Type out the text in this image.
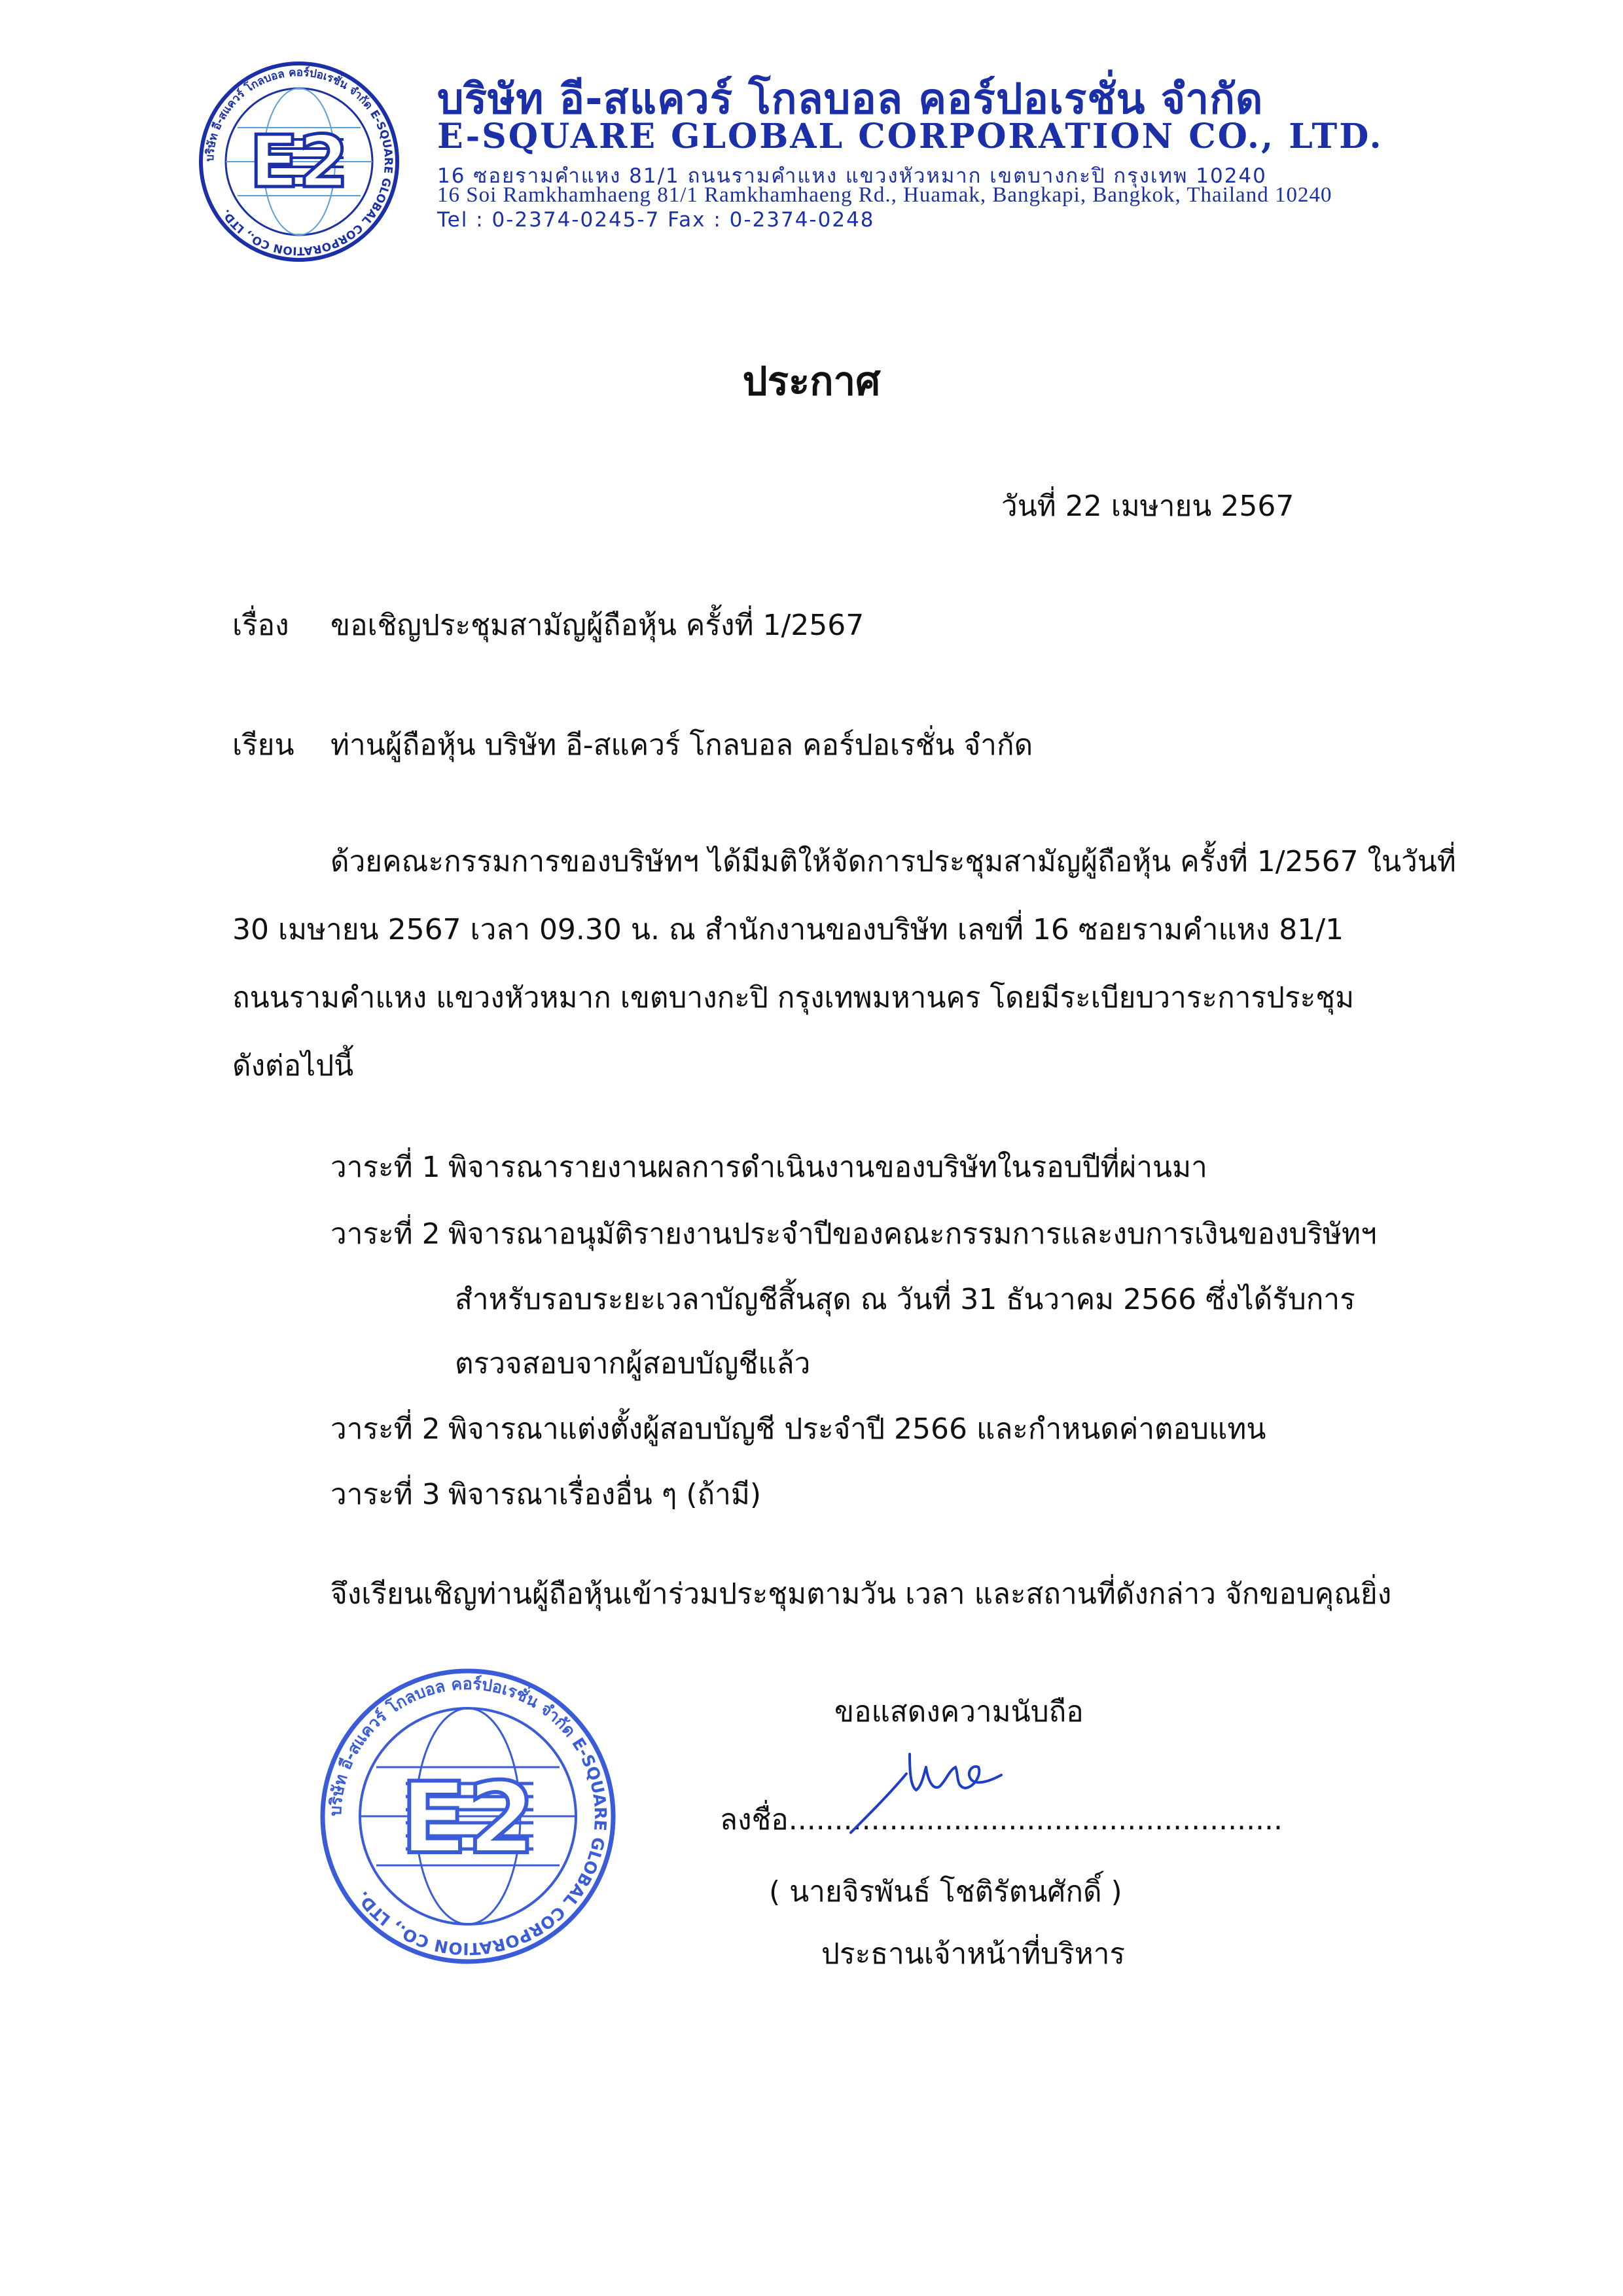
E2
บริษัท อี-สแควร์ โกลบอล คอร์ปอเรชั่น จำกัด E-SQUARE GLOBAL CORPORATION CO., LTD.
บริษัท อี-สแควร์ โกลบอล คอร์ปอเรชั่น จำกัด
E-SQUARE GLOBAL CORPORATION CO., LTD.
16 ซอยรามคำแหง 81/1 ถนนรามคำแหง แขวงหัวหมาก เขตบางกะปิ กรุงเทพ 10240
16 Soi Ramkhamhaeng 81/1 Ramkhamhaeng Rd., Huamak, Bangkapi, Bangkok, Thailand 10240
Tel : 0-2374-0245-7 Fax : 0-2374-0248
ประกาศ
วันที่ 22 เมษายน 2567
เรื่อง ขอเชิญประชุมสามัญผู้ถือหุ้น ครั้งที่ 1/2567
เรียน ท่านผู้ถือหุ้น บริษัท อี-สแควร์ โกลบอล คอร์ปอเรชั่น จำกัด
ด้วยคณะกรรมการของบริษัทฯ ได้มีมติให้จัดการประชุมสามัญผู้ถือหุ้น ครั้งที่ 1/2567 ในวันที่
30 เมษายน 2567 เวลา 09.30 น. ณ สำนักงานของบริษัท เลขที่ 16 ซอยรามคำแหง 81/1
ถนนรามคำแหง แขวงหัวหมาก เขตบางกะปิ กรุงเทพมหานคร โดยมีระเบียบวาระการประชุม
ดังต่อไปนี้
วาระที่ 1 พิจารณารายงานผลการดำเนินงานของบริษัทในรอบปีที่ผ่านมา
วาระที่ 2 พิจารณาอนุมัติรายงานประจำปีของคณะกรรมการและงบการเงินของบริษัทฯ
สำหรับรอบระยะเวลาบัญชีสิ้นสุด ณ วันที่ 31 ธันวาคม 2566 ซึ่งได้รับการ
ตรวจสอบจากผู้สอบบัญชีแล้ว
วาระที่ 2 พิจารณาแต่งตั้งผู้สอบบัญชี ประจำปี 2566 และกำหนดค่าตอบแทน
วาระที่ 3 พิจารณาเรื่องอื่น ๆ (ถ้ามี)
จึงเรียนเชิญท่านผู้ถือหุ้นเข้าร่วมประชุมตามวัน เวลา และสถานที่ดังกล่าว จักขอบคุณยิ่ง
E2
บริษัท อี-สแควร์ โกลบอล คอร์ปอเรชั่น จำกัด E-SQUARE GLOBAL CORPORATION CO., LTD.
ขอแสดงความนับถือ
ลงชื่อ......................................................
( นายจิรพันธ์ โชติรัตนศักดิ์ )
ประธานเจ้าหน้าที่บริหาร
